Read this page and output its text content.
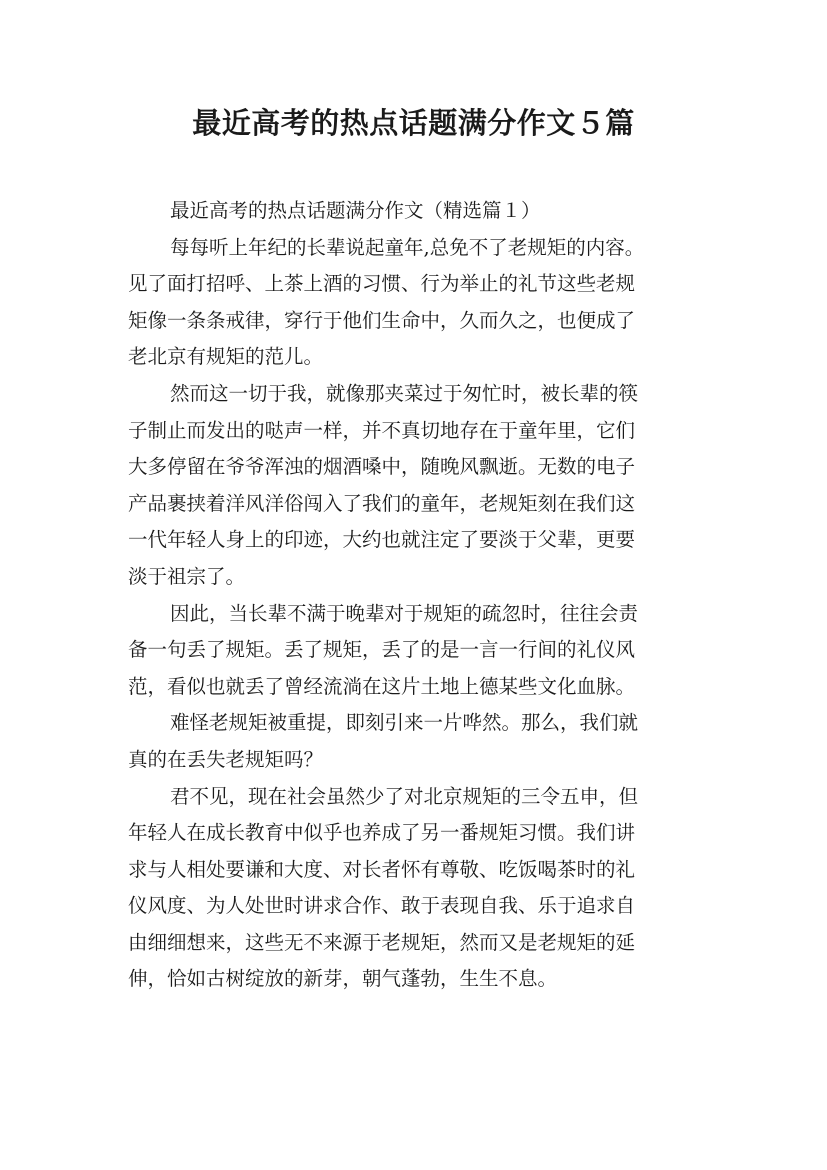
最近高考的热点话题满分作文５篇
最近高考的热点话题满分作文（精选篇１）
每每听上年纪的长辈说起童年,总免不了老规矩的内容。
见了面打招呼、上茶上酒的习惯、行为举止的礼节这些老规
矩像一条条戒律，穿行于他们生命中，久而久之，也便成了
老北京有规矩的范儿。
然而这一切于我，就像那夹菜过于匆忙时，被长辈的筷
子制止而发出的哒声一样，并不真切地存在于童年里，它们
大多停留在爷爷浑浊的烟酒嗓中，随晚风飘逝。无数的电子
产品裹挟着洋风洋俗闯入了我们的童年，老规矩刻在我们这
一代年轻人身上的印迹，大约也就注定了要淡于父辈，更要
淡于祖宗了。
因此，当长辈不满于晚辈对于规矩的疏忽时，往往会责
备一句丢了规矩。丢了规矩，丢了的是一言一行间的礼仪风
范，看似也就丢了曾经流淌在这片土地上德某些文化血脉。
难怪老规矩被重提，即刻引来一片哗然。那么，我们就
真的在丢失老规矩吗？
君不见，现在社会虽然少了对北京规矩的三令五申，但
年轻人在成长教育中似乎也养成了另一番规矩习惯。我们讲
求与人相处要谦和大度、对长者怀有尊敬、吃饭喝茶时的礼
仪风度、为人处世时讲求合作、敢于表现自我、乐于追求自
由细细想来，这些无不来源于老规矩，然而又是老规矩的延
伸，恰如古树绽放的新芽，朝气蓬勃，生生不息。
